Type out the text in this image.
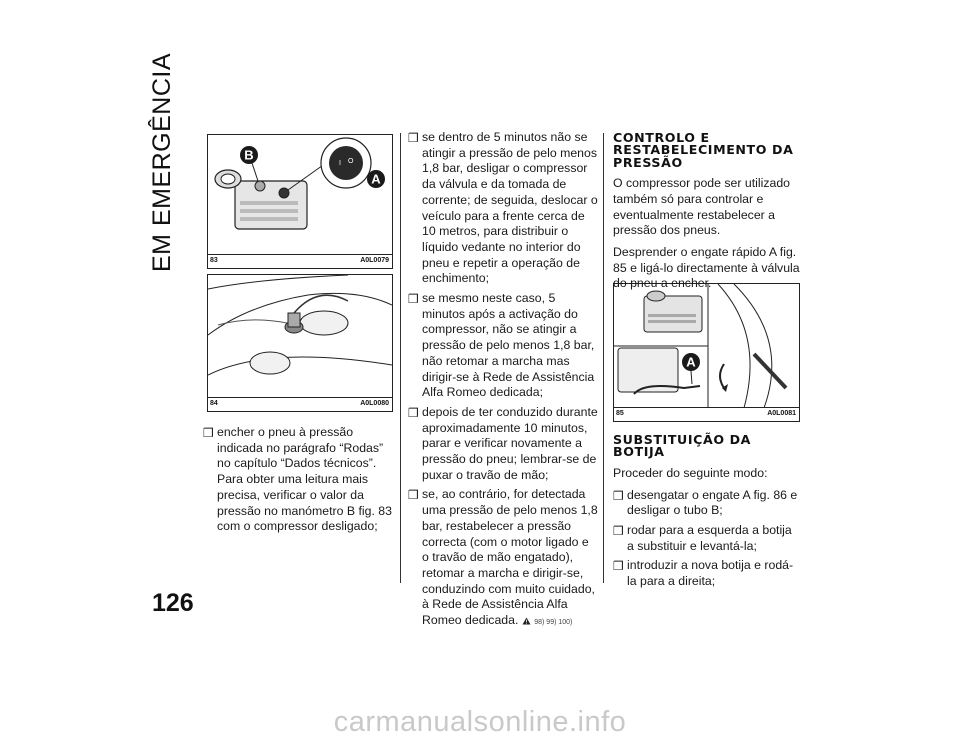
EM EMERGÊNCIA
126
I O
B
A
83	A0L0079
84	A0L0080
A
85	A0L0081
❒ encher o pneu à pressão indicada no parágrafo “Rodas” no capítulo “Dados técnicos”. Para obter uma leitura mais precisa, verificar o valor da pressão no manómetro B fig. 83 com o compressor desligado;
❒ se dentro de 5 minutos não se atingir a pressão de pelo menos 1,8 bar, desligar o compressor da válvula e da tomada de corrente; de seguida, deslocar o veículo para a frente cerca de 10 metros, para distribuir o líquido vedante no interior do pneu e repetir a operação de enchimento;
❒ se mesmo neste caso, 5 minutos após a activação do compressor, não se atingir a pressão de pelo menos 1,8 bar, não retomar a marcha mas dirigir-se à Rede de Assistência Alfa Romeo dedicada;
❒ depois de ter conduzido durante aproximadamente 10 minutos, parar e verificar novamente a pressão do pneu; lembrar-se de puxar o travão de mão;
❒ se, ao contrário, for detectada uma pressão de pelo menos 1,8 bar, restabelecer a pressão correcta (com o motor ligado e o travão de mão engatado), retomar a marcha e dirigir-se, conduzindo com muito cuidado, à Rede de Assistência Alfa Romeo dedicada. 98) 99) 100)
CONTROLO E RESTABELECIMENTO DA PRESSÃO

O compressor pode ser utilizado também só para controlar e eventualmente restabelecer a pressão dos pneus.

Desprender o engate rápido A fig. 85 e ligá-lo directamente à válvula do pneu a encher.

SUBSTITUIÇÃO DA BOTIJA

Proceder do seguinte modo:

❒ desengatar o engate A fig. 86 e desligar o tubo B;
❒ rodar para a esquerda a botija a substituir e levantá-la;
❒ introduzir a nova botija e rodá-la para a direita;
carmanualsonline.info
